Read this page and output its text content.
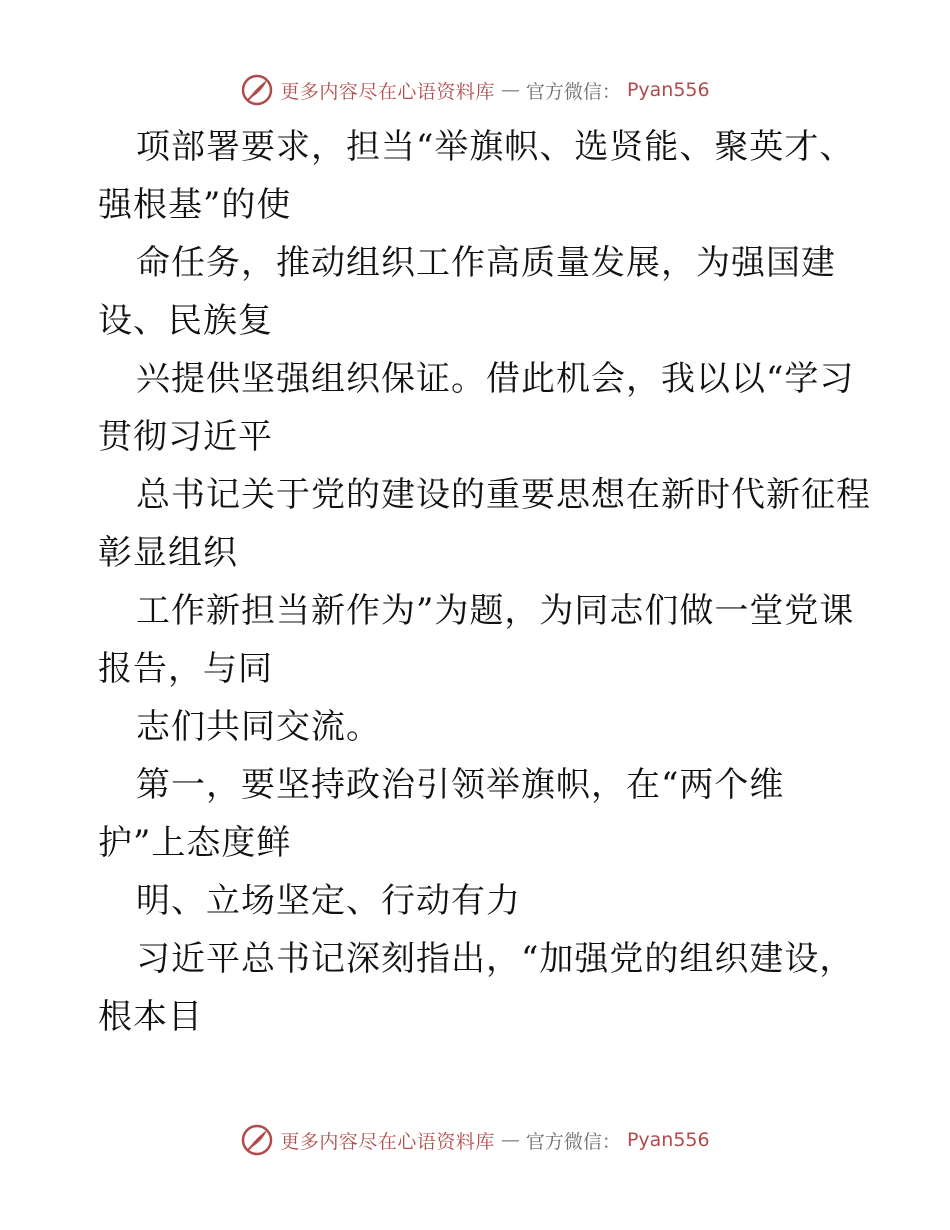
更多内容尽在心语资料库 — 官方微信： Pyan556
项部署要求，担当“举旗帜、选贤能、聚英才、
强根基”的使
命任务，推动组织工作高质量发展，为强国建
设、民族复
兴提供坚强组织保证。借此机会，我以以“学习
贯彻习近平
总书记关于党的建设的重要思想在新时代新征程
彰显组织
工作新担当新作为”为题，为同志们做一堂党课
报告，与同
志们共同交流。
第一，要坚持政治引领举旗帜，在“两个维
护”上态度鲜
明、立场坚定、行动有力
习近平总书记深刻指出，“加强党的组织建设，
根本目
更多内容尽在心语资料库 — 官方微信： Pyan556
